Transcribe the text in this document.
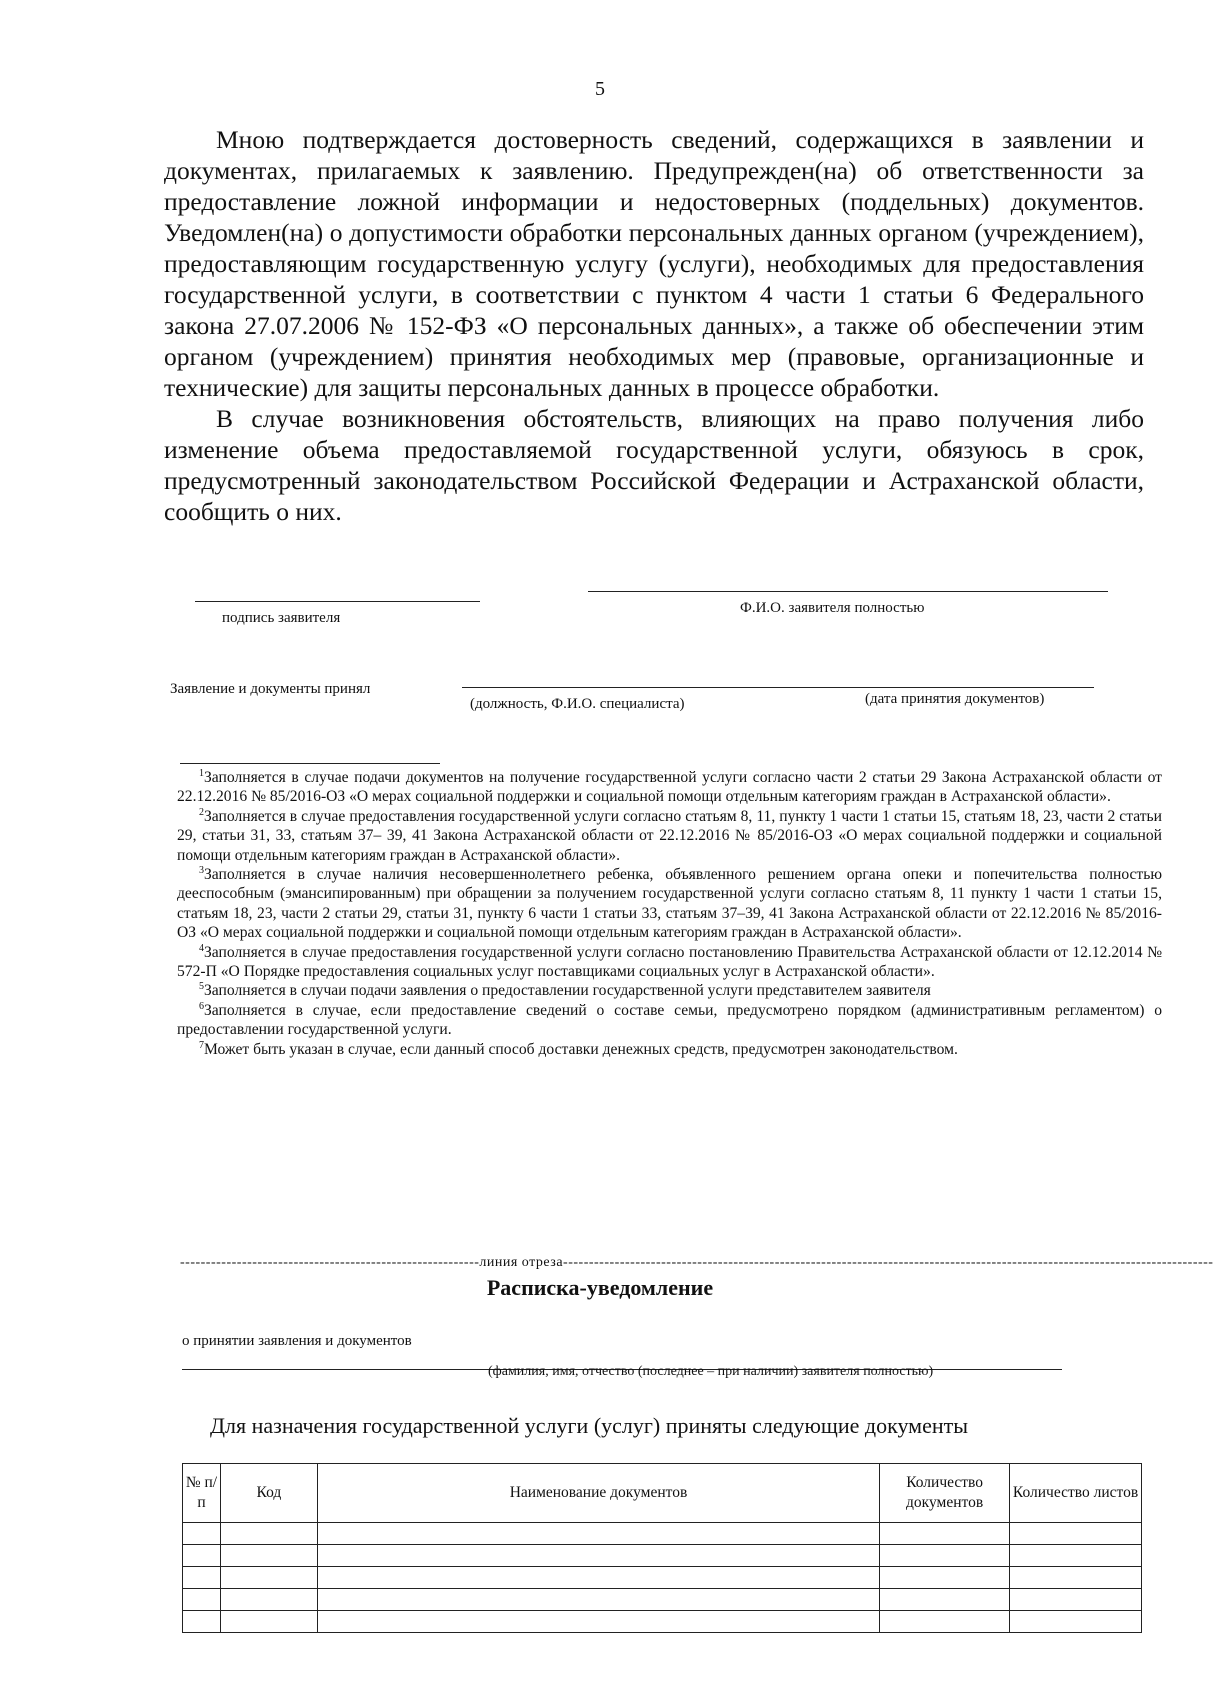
5

Мною подтверждается достоверность сведений, содержащихся в заявлении и документах, прилагаемых к заявлению. Предупрежден(на) об ответственности за предоставление ложной информации и недостоверных (поддельных) документов. Уведомлен(на) о допустимости обработки персональных данных органом (учреждением), предоставляющим государственную услугу (услуги), необходимых для предоставления государственной услуги, в соответствии с пунктом 4 части 1 статьи 6 Федерального закона 27.07.2006 № 152-ФЗ «О персональных данных», а также об обеспечении этим органом (учреждением) принятия необходимых мер (правовые, организационные и технические) для защиты персональных данных в процессе обработки.

В случае возникновения обстоятельств, влияющих на право получения либо изменение объема предоставляемой государственной услуги, обязуюсь в срок, предусмотренный законодательством Российской Федерации и Астраханской области, сообщить о них.

подпись заявителя
Ф.И.О. заявителя полностью
Заявление и документы принял
(должность, Ф.И.О. специалиста)	(дата принятия документов)

$^1$Заполняется в случае подачи документов на получение государственной услуги согласно части 2 статьи 29 Закона Астраханской области от 22.12.2016 № 85/2016-ОЗ «О мерах социальной поддержки и социальной помощи отдельным категориям граждан в Астраханской области».

$^2$Заполняется в случае предоставления государственной услуги согласно статьям 8, 11, пункту 1 части 1 статьи 15, статьям 18, 23, части 2 статьи 29, статьи 31, 33, статьям 37– 39, 41 Закона Астраханской области от 22.12.2016 № 85/2016-ОЗ «О мерах социальной поддержки и социальной помощи отдельным категориям граждан в Астраханской области».

$^3$Заполняется в случае наличия несовершеннолетнего ребенка, объявленного решением органа опеки и попечительства полностью дееспособным (эмансипированным) при обращении за получением государственной услуги согласно статьям 8, 11 пункту 1 части 1 статьи 15, статьям 18, 23, части 2 статьи 29, статьи 31, пункту 6 части 1 статьи 33, статьям 37–39, 41 Закона Астраханской области от 22.12.2016 № 85/2016-ОЗ «О мерах социальной поддержки и социальной помощи отдельным категориям граждан в Астраханской области».

$^4$Заполняется в случае предоставления государственной услуги согласно постановлению Правительства Астраханской области от 12.12.2014 № 572-П «О Порядке предоставления социальных услуг поставщиками социальных услуг в Астраханской области».

$^5$Заполняется в случаи подачи заявления о предоставлении государственной услуги представителем заявителя

$^6$Заполняется в случае, если предоставление сведений о составе семьи, предусмотрено порядком (административным регламентом) о предоставлении государственной услуги.

$^7$Может быть указан в случае, если данный способ доставки денежных средств, предусмотрен законодательством.

----------------------------------------------------------линия отреза------------------------------------------------------------------------------------------------------------------------------
Расписка-уведомление
о принятии заявления и документов
(фамилия, имя, отчество (последнее – при наличии) заявителя полностью)
Для назначения государственной услуги (услуг) приняты следующие документы
№ п/п	Код	Наименование документов	Количество документов	Количество листов
